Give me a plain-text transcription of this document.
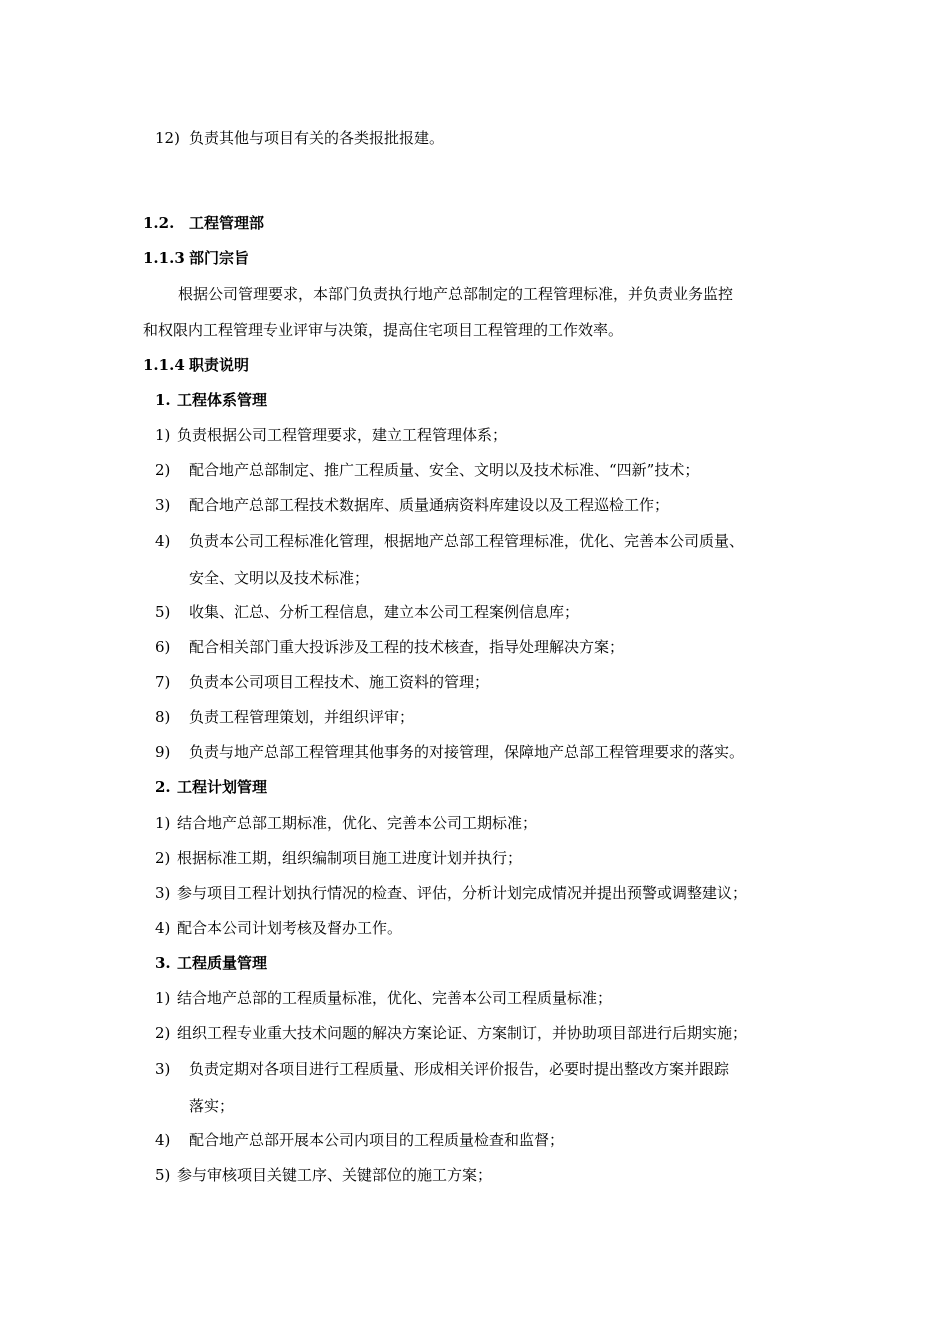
12) 负责其他与项目有关的各类报批报建。
1.2. 工程管理部
1.1.3 部门宗旨
根据公司管理要求，本部门负责执行地产总部制定的工程管理标准，并负责业务监控
和权限内工程管理专业评审与决策，提高住宅项目工程管理的工作效率。
1.1.4 职责说明
1. 工程体系管理
1) 负责根据公司工程管理要求，建立工程管理体系；
2) 配合地产总部制定、推广工程质量、安全、文明以及技术标准、“四新”技术；
3) 配合地产总部工程技术数据库、质量通病资料库建设以及工程巡检工作；
4) 负责本公司工程标准化管理，根据地产总部工程管理标准，优化、完善本公司质量、
安全、文明以及技术标准；
5) 收集、汇总、分析工程信息，建立本公司工程案例信息库；
6) 配合相关部门重大投诉涉及工程的技术核查，指导处理解决方案；
7) 负责本公司项目工程技术、施工资料的管理；
8) 负责工程管理策划，并组织评审；
9) 负责与地产总部工程管理其他事务的对接管理，保障地产总部工程管理要求的落实。
2. 工程计划管理
1) 结合地产总部工期标准，优化、完善本公司工期标准；
2) 根据标准工期，组织编制项目施工进度计划并执行；
3) 参与项目工程计划执行情况的检查、评估，分析计划完成情况并提出预警或调整建议；
4) 配合本公司计划考核及督办工作。
3. 工程质量管理
1) 结合地产总部的工程质量标准，优化、完善本公司工程质量标准；
2) 组织工程专业重大技术问题的解决方案论证、方案制订，并协助项目部进行后期实施；
3) 负责定期对各项目进行工程质量、形成相关评价报告，必要时提出整改方案并跟踪
落实；
4) 配合地产总部开展本公司内项目的工程质量检查和监督；
5) 参与审核项目关键工序、关键部位的施工方案；
